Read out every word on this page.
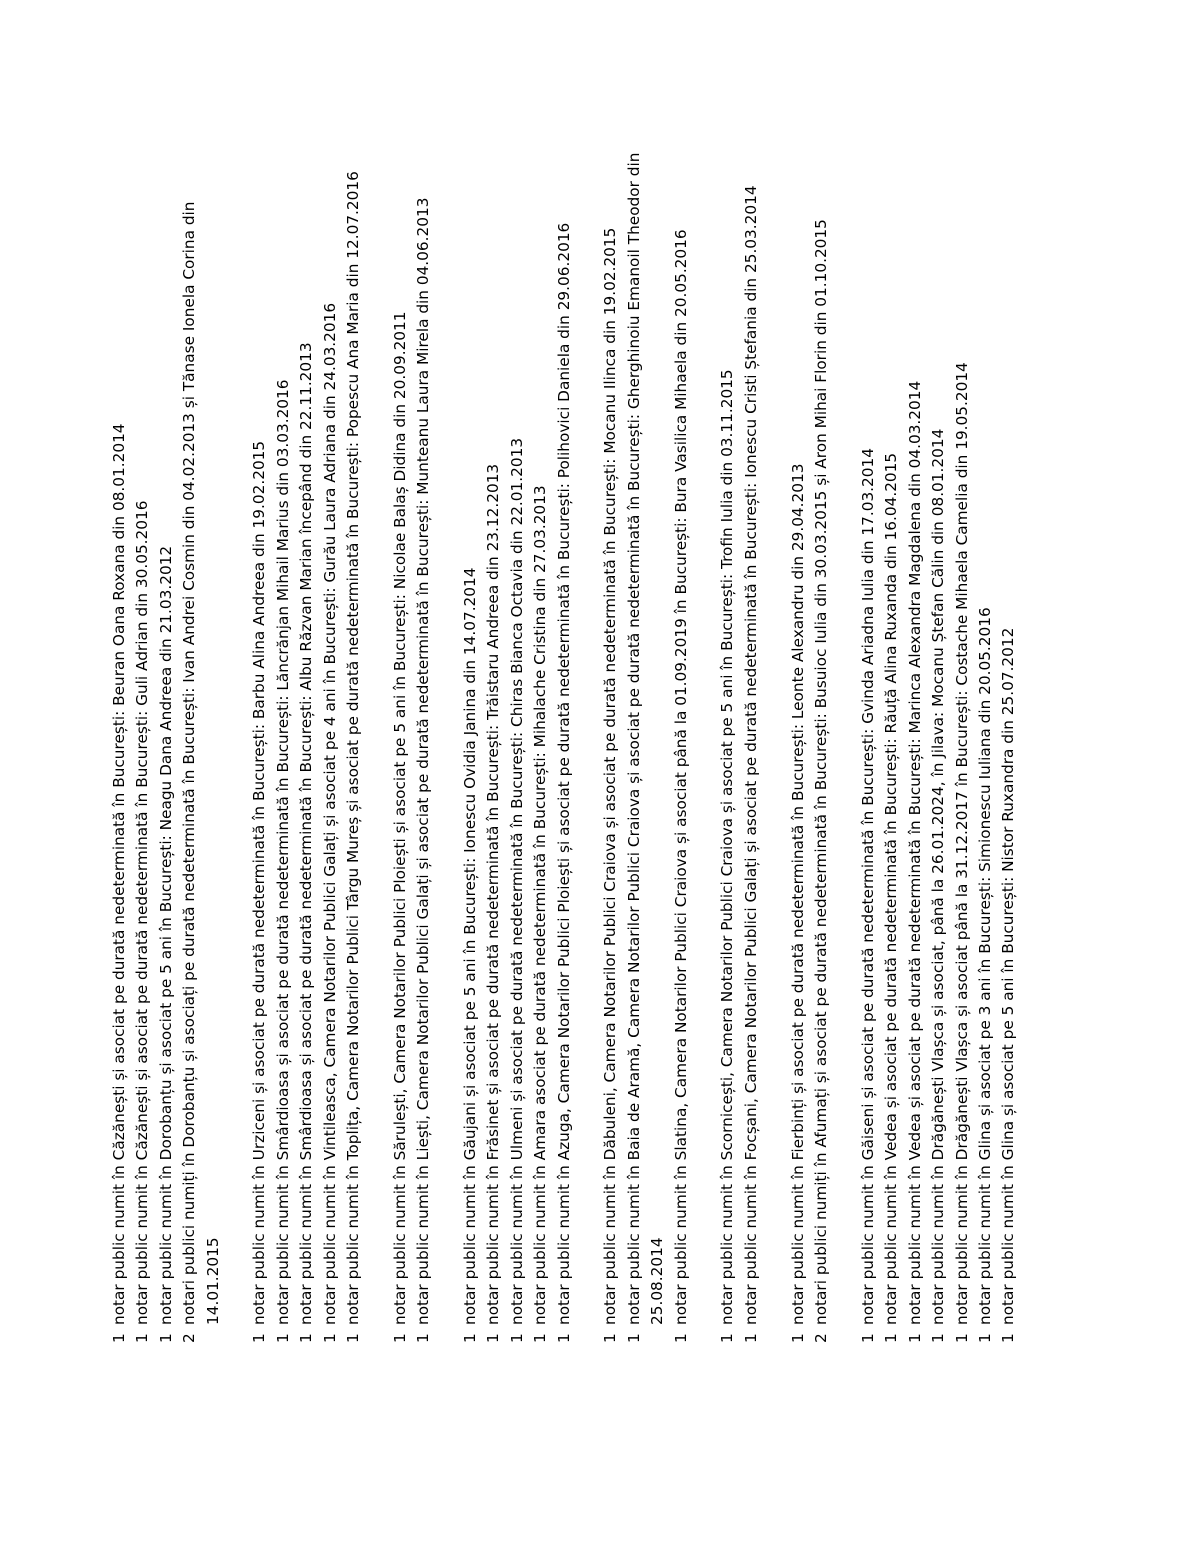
1
notar public numit în Căzănești și asociat pe durată nedeterminată în București: Beuran Oana Roxana din 08.01.2014
1
notar public numit în Căzănești și asociat pe durată nedeterminată în București: Guli Adrian din 30.05.2016
1
notar public numit în Dorobanțu și asociat pe 5 ani în București: Neagu Dana Andreea din 21.03.2012
2
notari publici numiți în Dorobanțu și asociați pe durată nedeterminată în București: Ivan Andrei Cosmin din 04.02.2013 și Tănase Ionela Corina din 14.01.2015
1
notar public numit în Urziceni și asociat pe durată nedeterminată în București: Barbu Alina Andreea din 19.02.2015
1
notar public numit în Smârdioasa și asociat pe durată nedeterminată în București: Lăncrănjan Mihail Marius din 03.03.2016
1
notar public numit în Smârdioasa și asociat pe durată nedeterminată în București: Albu Răzvan Marian începând din 22.11.2013
1
notar public numit în Vintileasca, Camera Notarilor Publici Galați și asociat pe 4 ani în București: Gurău Laura Adriana din 24.03.2016
1
notar public numit în Toplița, Camera Notarilor Publici Târgu Mureș și asociat pe durată nedeterminată în București: Popescu Ana Maria din 12.07.2016
1
notar public numit în Sărulești, Camera Notarilor Publici Ploiești și asociat pe 5 ani în București: Nicolae Balaș Didina din 20.09.2011
1
notar public numit în Liești, Camera Notarilor Publici Galați și asociat pe durată nedeterminată în București: Munteanu Laura Mirela din 04.06.2013
1
notar public numit în Găujani și asociat pe 5 ani în București: Ionescu Ovidia Janina din 14.07.2014
1
notar public numit în Frăsinet și asociat pe durată nedeterminată în București: Trăistaru Andreea din 23.12.2013
1
notar public numit în Ulmeni și asociat pe durată nedeterminată în București: Chiras Bianca Octavia din 22.01.2013
1
notar public numit în Amara asociat pe durată nedeterminată în București: Mihalache Cristina din 27.03.2013
1
notar public numit în Azuga, Camera Notarilor Publici Ploiești și asociat pe durată nedeterminată în București: Polihovici Daniela din 29.06.2016
1
notar public numit în Dăbuleni, Camera Notarilor Publici Craiova și asociat pe durată nedeterminată în București: Mocanu Ilinca din 19.02.2015
1
notar public numit în Baia de Aramă, Camera Notarilor Publici Craiova și asociat pe durată nedeterminată în București: Gherghinoiu Emanoil Theodor din 25.08.2014
1
notar public numit în Slatina, Camera Notarilor Publici Craiova și asociat până la 01.09.2019 în București: Bura Vasilica Mihaela din 20.05.2016
1
notar public numit în Scornicești, Camera Notarilor Publici Craiova și asociat pe 5 ani în București: Trofin Iulia din 03.11.2015
1
notar public numit în Focșani, Camera Notarilor Publici Galați și asociat pe durată nedeterminată în București: Ionescu Cristi Ștefania din 25.03.2014
1
notar public numit în Fierbinți și asociat pe durată nedeterminată în București: Leonte Alexandru din 29.04.2013
2
notari publici numiți în Afumați și asociat pe durată nedeterminată în București: Busuioc Iulia din 30.03.2015 și Aron Mihai Florin din 01.10.2015
1
notar public numit în Găiseni și asociat pe durată nedeterminată în București: Gvinda Ariadna Iulia din 17.03.2014
1
notar public numit în Vedea și asociat pe durată nedeterminată în București: Răuță Alina Ruxanda din 16.04.2015
1
notar public numit în Vedea și asociat pe durată nedeterminată în București: Marinca Alexandra Magdalena din 04.03.2014
1
notar public numit în Drăgănești Vlașca și asociat, până la 26.01.2024, în Jilava: Mocanu Ștefan Călin din 08.01.2014
1
notar public numit în Drăgănești Vlașca și asociat până la 31.12.2017 în București: Costache Mihaela Camelia din 19.05.2014
1
notar public numit în Glina și asociat pe 3 ani în București: Simionescu Iuliana din 20.05.2016
1
notar public numit în Glina și asociat pe 5 ani în București: Nistor Ruxandra din 25.07.2012
